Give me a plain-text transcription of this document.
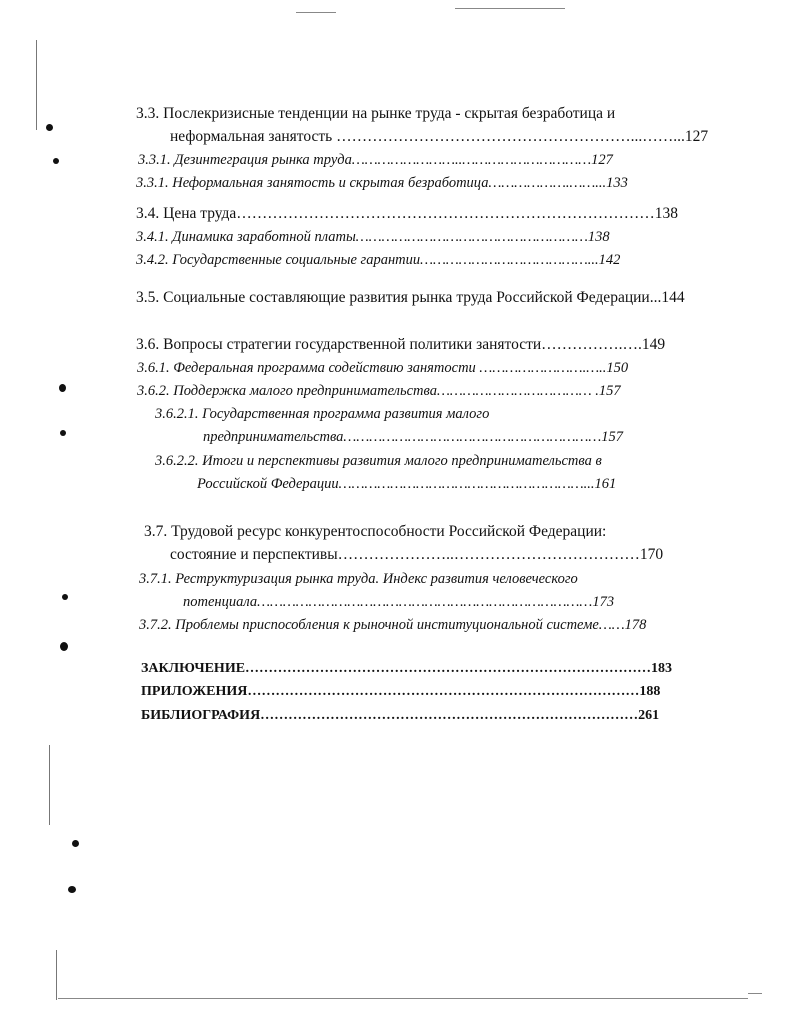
3.3. Послекризисные тенденции на рынке труда - скрытая безработица и
неформальная занятость …………………………………………………...……...127
3.3.1. Дезинтеграция рынка труда……………………..…………………………127
3.3.1. Неформальная занятость и скрытая безработица……………….……...133
3.4. Цена труда………………………………………………………………………138
3.4.1. Динамика заработной платы………………………………………………138
3.4.2. Государственные социальные гарантии…………………………………...142
3.5. Социальные составляющие развития рынка труда Российской Федерации...144
3.6. Вопросы стратегии государственной политики занятости…………….….149
3.6.1. Федеральная программа содействию занятости …………………….…..150
3.6.2. Поддержка малого предпринимательства……………………………… .157
3.6.2.1. Государственная программа развития малого
предпринимательства……………………………………………………157
3.6.2.2. Итоги и перспективы развития малого предпринимательства в
Российской Федерации…………………………………………………...161
3.7. Трудовой ресурс конкурентоспособности Российской Федерации:
состояние и перспективы…………………..………………………………170
3.7.1. Реструктуризация рынка труда. Индекс развития человеческого
потенциала……………………………………………………………………173
3.7.2. Проблемы приспособления к рыночной институциональной системе……178
ЗАКЛЮЧЕНИЕ……………………………………………………………………………183
ПРИЛОЖЕНИЯ…………………………………………………………………………188
БИБЛИОГРАФИЯ………………………………………………………………………261
